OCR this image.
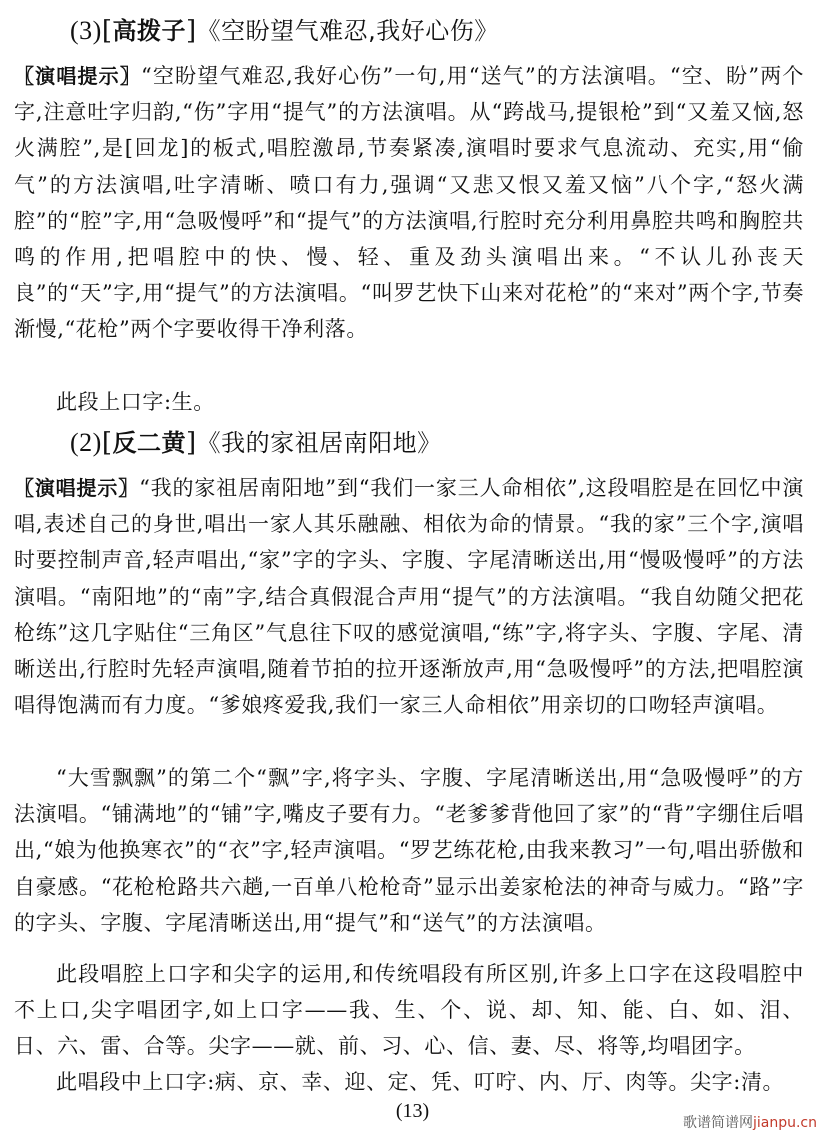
(3)[高拨子]《空盼望气难忍,我好心伤》

〖演唱提示〗“空盼望气难忍,我好心伤”一句,用“送气”的方法演唱。“空、盼”两个字,注意吐字归韵,“伤”字用“提气”的方法演唱。从“跨战马,提银枪”到“又羞又恼,怒火满腔”,是[回龙]的板式,唱腔激昂,节奏紧凑,演唱时要求气息流动、充实,用“偷气”的方法演唱,吐字清晰、喷口有力,强调“又悲又恨又羞又恼”八个字,“怒火满腔”的“腔”字,用“急吸慢呼”和“提气”的方法演唱,行腔时充分利用鼻腔共鸣和胸腔共鸣的作用,把唱腔中的快、慢、轻、重及劲头演唱出来。“不认儿孙丧天良”的“天”字,用“提气”的方法演唱。“叫罗艺快下山来对花枪”的“来对”两个字,节奏渐慢,“花枪”两个字要收得干净利落。

此段上口字:生。

(2)[反二黄]《我的家祖居南阳地》

〖演唱提示〗“我的家祖居南阳地”到“我们一家三人命相依”,这段唱腔是在回忆中演唱,表述自己的身世,唱出一家人其乐融融、相依为命的情景。“我的家”三个字,演唱时要控制声音,轻声唱出,“家”字的字头、字腹、字尾清晰送出,用“慢吸慢呼”的方法演唱。“南阳地”的“南”字,结合真假混合声用“提气”的方法演唱。“我自幼随父把花枪练”这几字贴住“三角区”气息往下叹的感觉演唱,“练”字,将字头、字腹、字尾、清晰送出,行腔时先轻声演唱,随着节拍的拉开逐渐放声,用“急吸慢呼”的方法,把唱腔演唱得饱满而有力度。“爹娘疼爱我,我们一家三人命相依”用亲切的口吻轻声演唱。

“大雪飘飘”的第二个“飘”字,将字头、字腹、字尾清晰送出,用“急吸慢呼”的方法演唱。“铺满地”的“铺”字,嘴皮子要有力。“老爹爹背他回了家”的“背”字绷住后唱出,“娘为他换寒衣”的“衣”字,轻声演唱。“罗艺练花枪,由我来教习”一句,唱出骄傲和自豪感。“花枪枪路共六趟,一百单八枪枪奇”显示出姜家枪法的神奇与威力。“路”字的字头、字腹、字尾清晰送出,用“提气”和“送气”的方法演唱。

此段唱腔上口字和尖字的运用,和传统唱段有所区别,许多上口字在这段唱腔中不上口,尖字唱团字,如上口字——我、生、个、说、却、知、能、白、如、泪、日、六、雷、合等。尖字——就、前、习、心、信、妻、尽、将等,均唱团字。

此唱段中上口字:病、京、幸、迎、定、凭、叮咛、内、厅、肉等。尖字:清。

(13)
歌谱简谱网jianpu.cn
